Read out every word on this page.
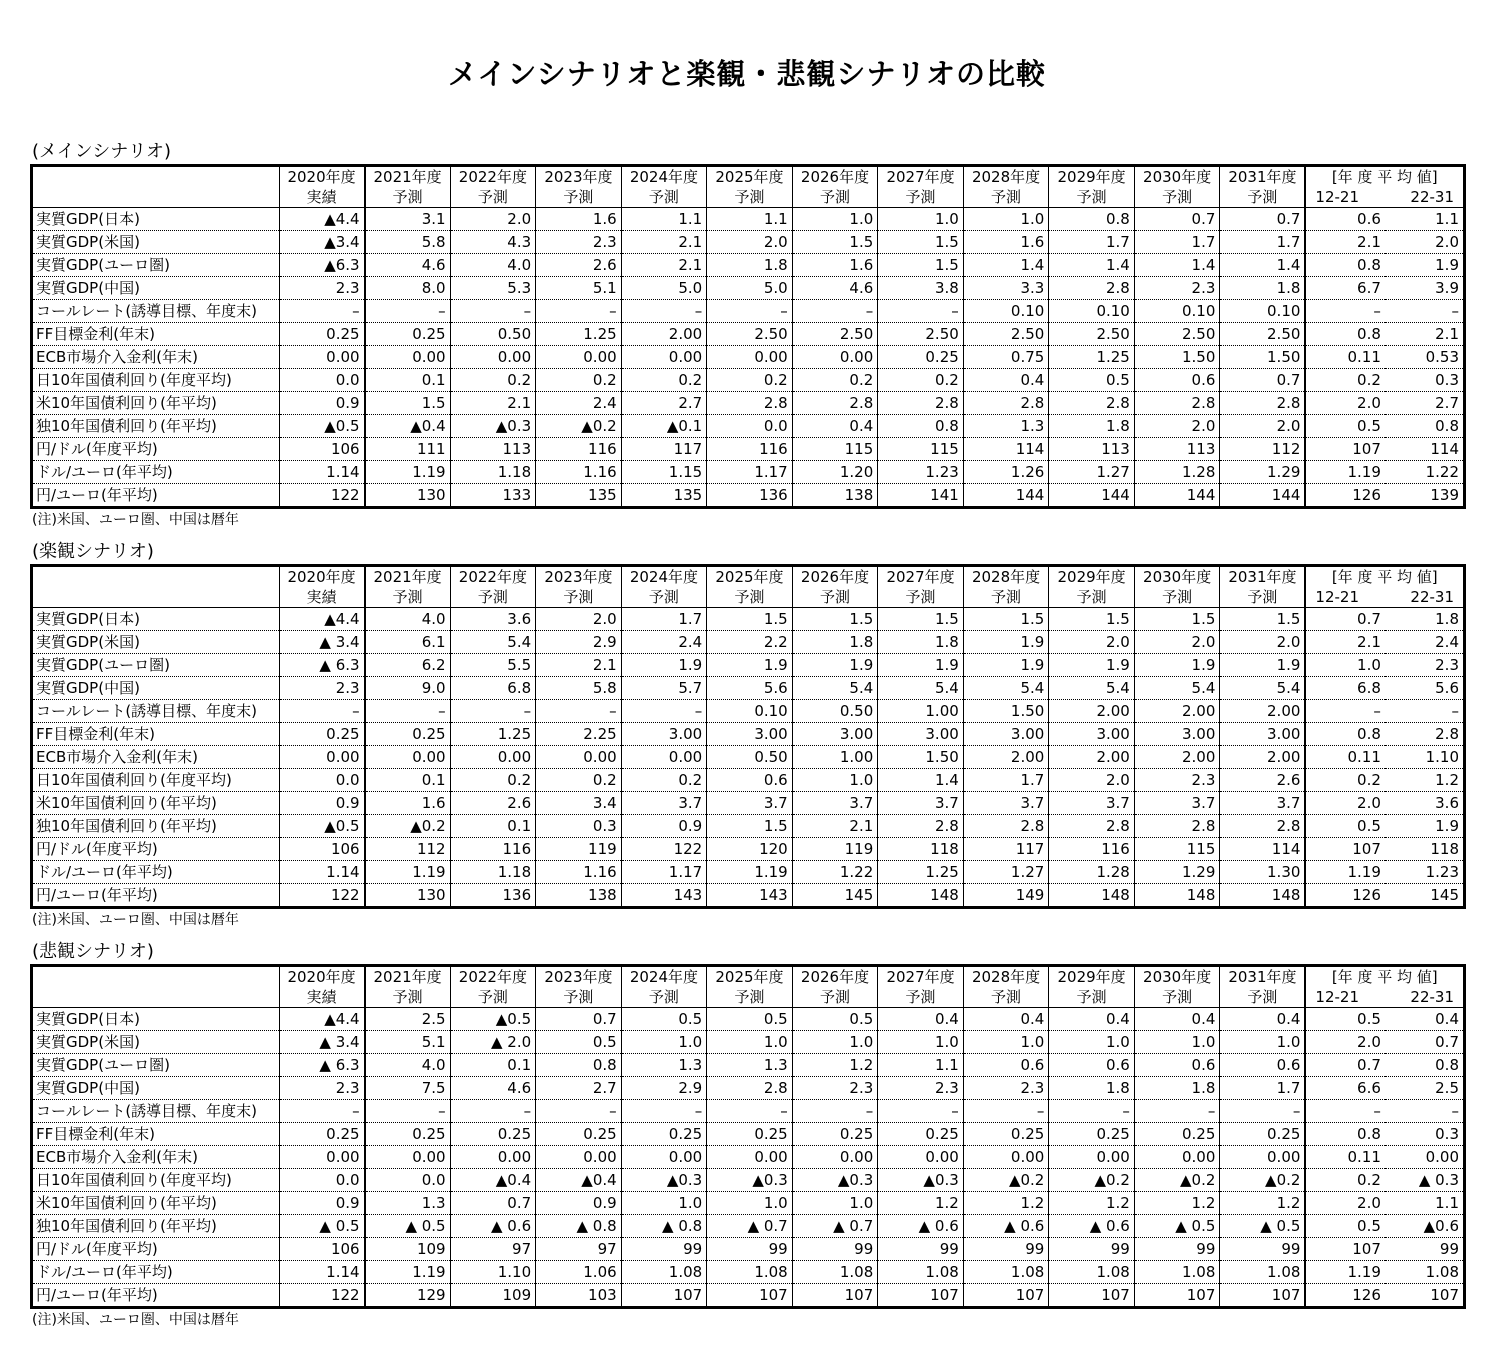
メインシナリオと楽観・悲観シナリオの比較
(メインシナリオ)
	2020年度	2021年度	2022年度	2023年度	2024年度	2025年度	2026年度	2027年度	2028年度	2029年度	2030年度	2031年度	[年 度 平 均 値]	
	実績	予測	予測	予測	予測	予測	予測	予測	予測	予測	予測	予測	12-21 22-31	

実質GDP(日本)	▲4.4	3.1	2.0	1.6	1.1	1.1	1.0	1.0	1.0	0.8	0.7	0.7	0.6	1.1
実質GDP(米国)	▲3.4	5.8	4.3	2.3	2.1	2.0	1.5	1.5	1.6	1.7	1.7	1.7	2.1	2.0
実質GDP(ユーロ圏)	▲6.3	4.6	4.0	2.6	2.1	1.8	1.6	1.5	1.4	1.4	1.4	1.4	0.8	1.9
実質GDP(中国)	2.3	8.0	5.3	5.1	5.0	5.0	4.6	3.8	3.3	2.8	2.3	1.8	6.7	3.9
コールレート(誘導目標、年度末)	–	–	–	–	–	–	–	–	0.10	0.10	0.10	0.10	–	–
FF目標金利(年末)	0.25	0.25	0.50	1.25	2.00	2.50	2.50	2.50	2.50	2.50	2.50	2.50	0.8	2.1
ECB市場介入金利(年末)	0.00	0.00	0.00	0.00	0.00	0.00	0.00	0.25	0.75	1.25	1.50	1.50	0.11	0.53
日10年国債利回り(年度平均)	0.0	0.1	0.2	0.2	0.2	0.2	0.2	0.2	0.4	0.5	0.6	0.7	0.2	0.3
米10年国債利回り(年平均)	0.9	1.5	2.1	2.4	2.7	2.8	2.8	2.8	2.8	2.8	2.8	2.8	2.0	2.7
独10年国債利回り(年平均)	▲0.5	▲0.4	▲0.3	▲0.2	▲0.1	0.0	0.4	0.8	1.3	1.8	2.0	2.0	0.5	0.8
円/ドル(年度平均)	106	111	113	116	117	116	115	115	114	113	113	112	107	114
ドル/ユーロ(年平均)	1.14	1.19	1.18	1.16	1.15	1.17	1.20	1.23	1.26	1.27	1.28	1.29	1.19	1.22
円/ユーロ(年平均)	122	130	133	135	135	136	138	141	144	144	144	144	126	139
(注)米国、ユーロ圏、中国は暦年
(楽観シナリオ)
	2020年度	2021年度	2022年度	2023年度	2024年度	2025年度	2026年度	2027年度	2028年度	2029年度	2030年度	2031年度	[年 度 平 均 値]	
	実績	予測	予測	予測	予測	予測	予測	予測	予測	予測	予測	予測	12-21 22-31	

実質GDP(日本)	▲4.4	4.0	3.6	2.0	1.7	1.5	1.5	1.5	1.5	1.5	1.5	1.5	0.7	1.8
実質GDP(米国)	▲ 3.4	6.1	5.4	2.9	2.4	2.2	1.8	1.8	1.9	2.0	2.0	2.0	2.1	2.4
実質GDP(ユーロ圏)	▲ 6.3	6.2	5.5	2.1	1.9	1.9	1.9	1.9	1.9	1.9	1.9	1.9	1.0	2.3
実質GDP(中国)	2.3	9.0	6.8	5.8	5.7	5.6	5.4	5.4	5.4	5.4	5.4	5.4	6.8	5.6
コールレート(誘導目標、年度末)	–	–	–	–	–	0.10	0.50	1.00	1.50	2.00	2.00	2.00	–	–
FF目標金利(年末)	0.25	0.25	1.25	2.25	3.00	3.00	3.00	3.00	3.00	3.00	3.00	3.00	0.8	2.8
ECB市場介入金利(年末)	0.00	0.00	0.00	0.00	0.00	0.50	1.00	1.50	2.00	2.00	2.00	2.00	0.11	1.10
日10年国債利回り(年度平均)	0.0	0.1	0.2	0.2	0.2	0.6	1.0	1.4	1.7	2.0	2.3	2.6	0.2	1.2
米10年国債利回り(年平均)	0.9	1.6	2.6	3.4	3.7	3.7	3.7	3.7	3.7	3.7	3.7	3.7	2.0	3.6
独10年国債利回り(年平均)	▲0.5	▲0.2	0.1	0.3	0.9	1.5	2.1	2.8	2.8	2.8	2.8	2.8	0.5	1.9
円/ドル(年度平均)	106	112	116	119	122	120	119	118	117	116	115	114	107	118
ドル/ユーロ(年平均)	1.14	1.19	1.18	1.16	1.17	1.19	1.22	1.25	1.27	1.28	1.29	1.30	1.19	1.23
円/ユーロ(年平均)	122	130	136	138	143	143	145	148	149	148	148	148	126	145
(注)米国、ユーロ圏、中国は暦年
(悲観シナリオ)
	2020年度	2021年度	2022年度	2023年度	2024年度	2025年度	2026年度	2027年度	2028年度	2029年度	2030年度	2031年度	[年 度 平 均 値]	
	実績	予測	予測	予測	予測	予測	予測	予測	予測	予測	予測	予測	12-21 22-31	

実質GDP(日本)	▲4.4	2.5	▲0.5	0.7	0.5	0.5	0.5	0.4	0.4	0.4	0.4	0.4	0.5	0.4
実質GDP(米国)	▲ 3.4	5.1	▲ 2.0	0.5	1.0	1.0	1.0	1.0	1.0	1.0	1.0	1.0	2.0	0.7
実質GDP(ユーロ圏)	▲ 6.3	4.0	0.1	0.8	1.3	1.3	1.2	1.1	0.6	0.6	0.6	0.6	0.7	0.8
実質GDP(中国)	2.3	7.5	4.6	2.7	2.9	2.8	2.3	2.3	2.3	1.8	1.8	1.7	6.6	2.5
コールレート(誘導目標、年度末)	–	–	–	–	–	–	–	–	–	–	–	–	–	–
FF目標金利(年末)	0.25	0.25	0.25	0.25	0.25	0.25	0.25	0.25	0.25	0.25	0.25	0.25	0.8	0.3
ECB市場介入金利(年末)	0.00	0.00	0.00	0.00	0.00	0.00	0.00	0.00	0.00	0.00	0.00	0.00	0.11	0.00
日10年国債利回り(年度平均)	0.0	0.0	▲0.4	▲0.4	▲0.3	▲0.3	▲0.3	▲0.3	▲0.2	▲0.2	▲0.2	▲0.2	0.2	▲ 0.3
米10年国債利回り(年平均)	0.9	1.3	0.7	0.9	1.0	1.0	1.0	1.2	1.2	1.2	1.2	1.2	2.0	1.1
独10年国債利回り(年平均)	▲ 0.5	▲ 0.5	▲ 0.6	▲ 0.8	▲ 0.8	▲ 0.7	▲ 0.7	▲ 0.6	▲ 0.6	▲ 0.6	▲ 0.5	▲ 0.5	0.5	▲0.6
円/ドル(年度平均)	106	109	97	97	99	99	99	99	99	99	99	99	107	99
ドル/ユーロ(年平均)	1.14	1.19	1.10	1.06	1.08	1.08	1.08	1.08	1.08	1.08	1.08	1.08	1.19	1.08
円/ユーロ(年平均)	122	129	109	103	107	107	107	107	107	107	107	107	126	107
(注)米国、ユーロ圏、中国は暦年
